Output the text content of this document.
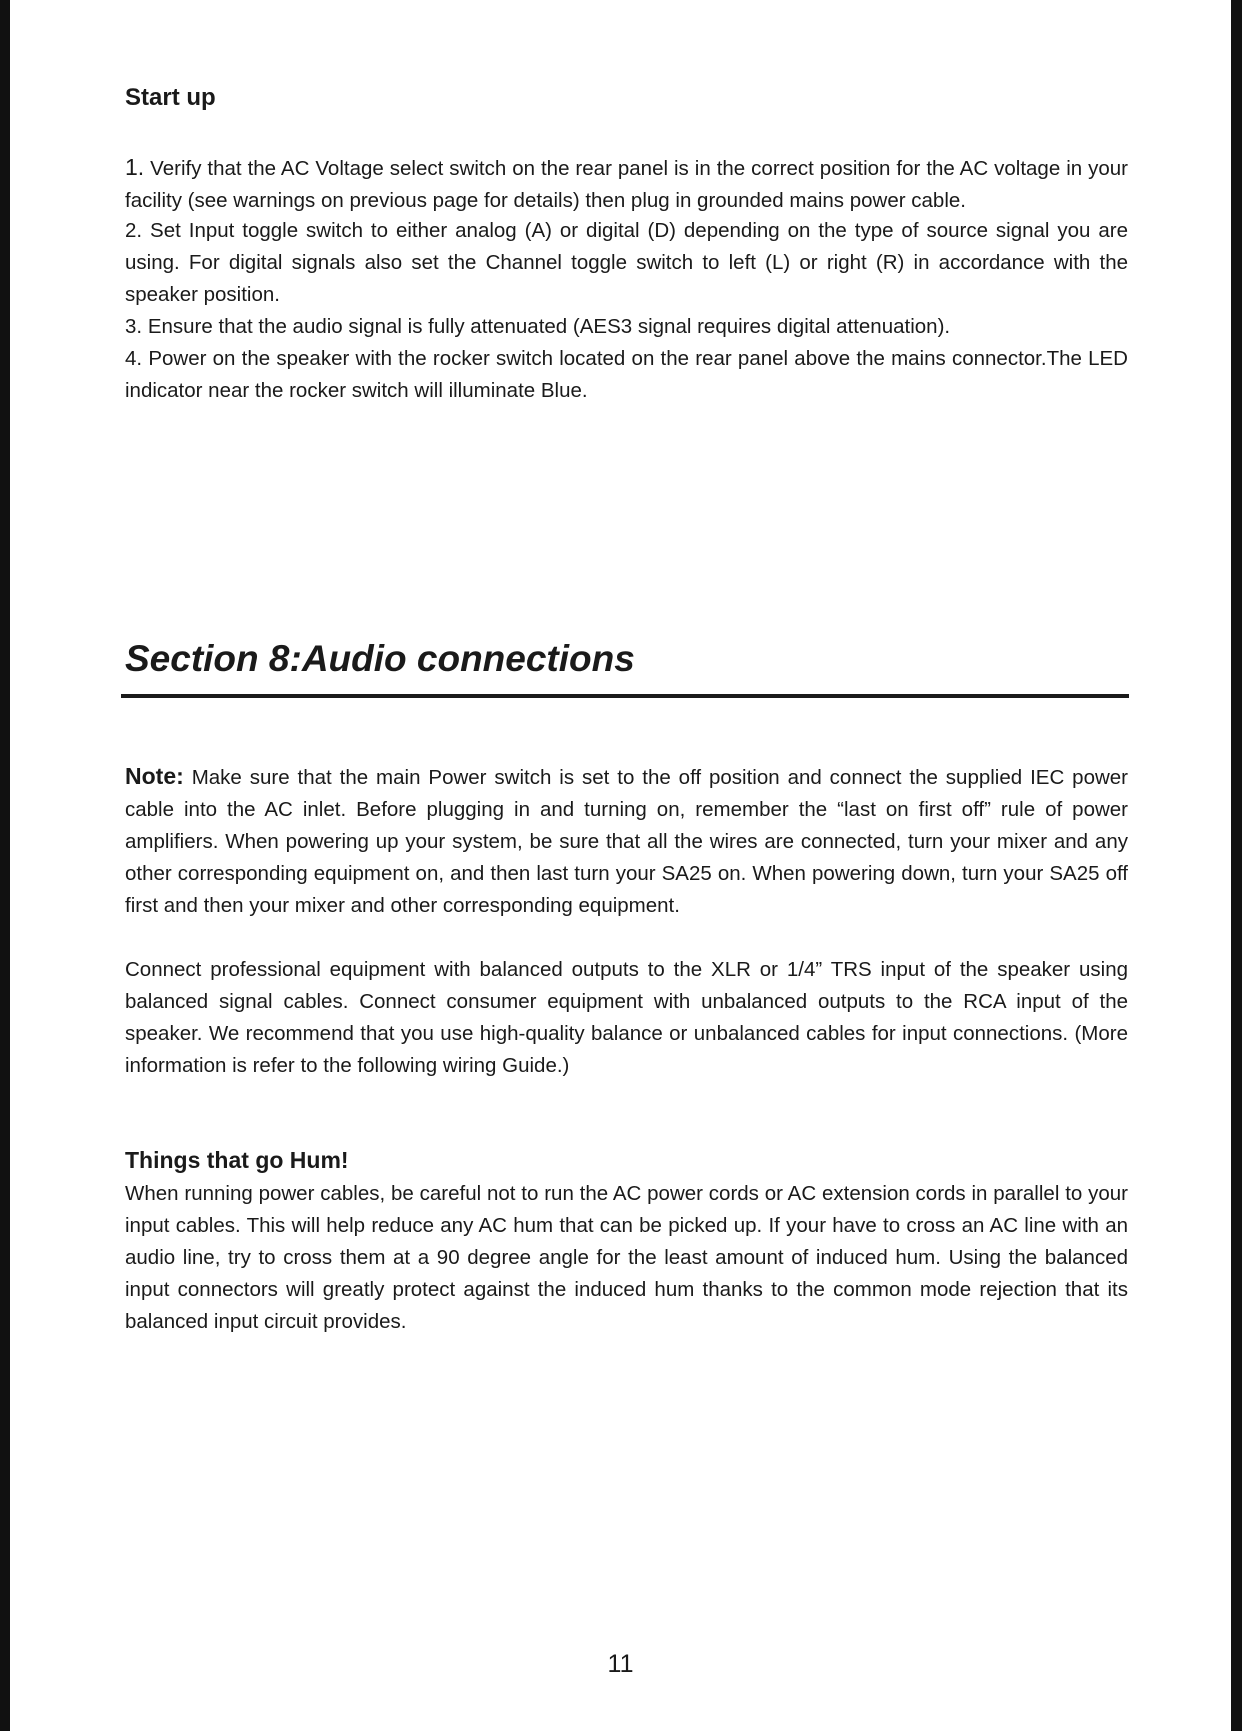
Start up

1. Verify that the AC Voltage select switch on the rear panel is in the correct position for the AC voltage in your facility (see warnings on previous page for details) then plug in grounded mains power cable.

2. Set Input toggle switch to either analog (A) or digital (D) depending on the type of source signal you are using. For digital signals also set the Channel toggle switch to left (L) or right (R) in accordance with the speaker position.

3. Ensure that the audio signal is fully attenuated (AES3 signal requires digital attenuation).

4. Power on the speaker with the rocker switch located on the rear panel above the mains connector.The LED indicator near the rocker switch will illuminate Blue.

Section 8:Audio connections

Note: Make sure that the main Power switch is set to the off position and connect the supplied IEC power cable into the AC inlet. Before plugging in and turning on, remember the “last on first off” rule of power amplifiers. When powering up your system, be sure that all the wires are connected, turn your mixer and any other corresponding equipment on, and then last turn your SA25 on. When powering down, turn your SA25 off first and then your mixer and other corresponding equipment.

Connect professional equipment with balanced outputs to the XLR or 1/4” TRS input of the speaker using balanced signal cables. Connect consumer equipment with unbalanced outputs to the RCA input of the speaker. We recommend that you use high-quality balance or unbalanced cables for input connections. (More information is refer to the following wiring Guide.)

Things that go Hum!

When running power cables, be careful not to run the AC power cords or AC extension cords in parallel to your input cables. This will help reduce any AC hum that can be picked up. If your have to cross an AC line with an audio line, try to cross them at a 90 degree angle for the least amount of induced hum. Using the balanced input connectors will greatly protect against the induced hum thanks to the common mode rejection that its balanced input circuit provides.

11
